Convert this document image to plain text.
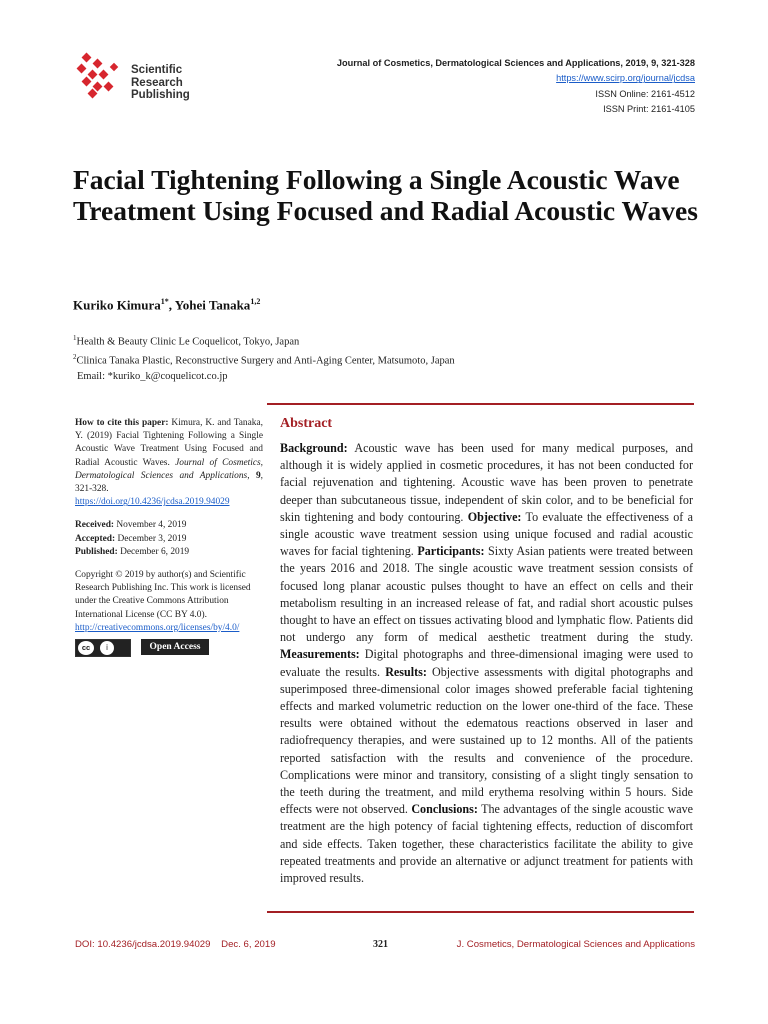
Scientific
Research
Publishing
Journal of Cosmetics, Dermatological Sciences and Applications, 2019, 9, 321-328
https://www.scirp.org/journal/jcdsa
ISSN Online: 2161-4512
ISSN Print: 2161-4105
Facial Tightening Following a Single Acoustic Wave Treatment Using Focused and Radial Acoustic Waves
Kuriko Kimura$^{1*}$, Yohei Tanaka$^{1,2}$
$^1$Health & Beauty Clinic Le Coquelicot, Tokyo, Japan
$^2$Clinica Tanaka Plastic, Reconstructive Surgery and Anti-Aging Center, Matsumoto, Japan
Email: *kuriko_k@coquelicot.co.jp

How to cite this paper: Kimura, K. and Tanaka, Y. (2019) Facial Tightening Following a Single Acoustic Wave Treatment Using Focused and Radial Acoustic Waves. Journal of Cosmetics, Dermatological Sciences and Applications, 9, 321-328. https://doi.org/10.4236/jcdsa.2019.94029

Received: November 4, 2019

Accepted: December 3, 2019

Published: December 6, 2019

Copyright © 2019 by author(s) and Scientific Research Publishing Inc. This work is licensed under the Creative Commons Attribution International License (CC BY 4.0).

http://creativecommons.org/licenses/by/4.0/

cc	i	Open Access
Abstract

Background: Acoustic wave has been used for many medical purposes, and although it is widely applied in cosmetic procedures, it has not been conducted for facial rejuvenation and tightening. Acoustic wave has been proven to penetrate deeper than subcutaneous tissue, independent of skin color, and to be beneficial for skin tightening and body contouring. Objective: To evaluate the effectiveness of a single acoustic wave treatment session using unique focused and radial acoustic waves for facial tightening. Participants: Sixty Asian patients were treated between the years 2016 and 2018. The single acoustic wave treatment session consists of focused long planar acoustic pulses thought to have an effect on cells and their metabolism resulting in an increased release of fat, and radial short acoustic pulses thought to have an effect on tissues activating blood and lymphatic flow. Patients did not undergo any form of medical aesthetic treatment during the study. Measurements: Digital photographs and three-dimensional imaging were used to evaluate the results. Results: Objective assessments with digital photographs and superimposed three-dimensional color images showed preferable facial tightening effects and marked volumetric reduction on the lower one-third of the face. These results were obtained without the edematous reactions observed in laser and radiofrequency therapies, and were sustained up to 12 months. All of the patients reported satisfaction with the results and convenience of the procedure. Complications were minor and transitory, consisting of a slight tingly sensation to the teeth during the treatment, and mild erythema resolving within 5 hours. Side effects were not observed. Conclusions: The advantages of the single acoustic wave treatment are the high potency of facial tightening effects, reduction of discomfort and side effects. Taken together, these characteristics facilitate the ability to give repeated treatments and provide an alternative or adjunct treatment for patients with improved results.

DOI: 10.4236/jcdsa.2019.94029 Dec. 6, 2019	321	J. Cosmetics, Dermatological Sciences and Applications
